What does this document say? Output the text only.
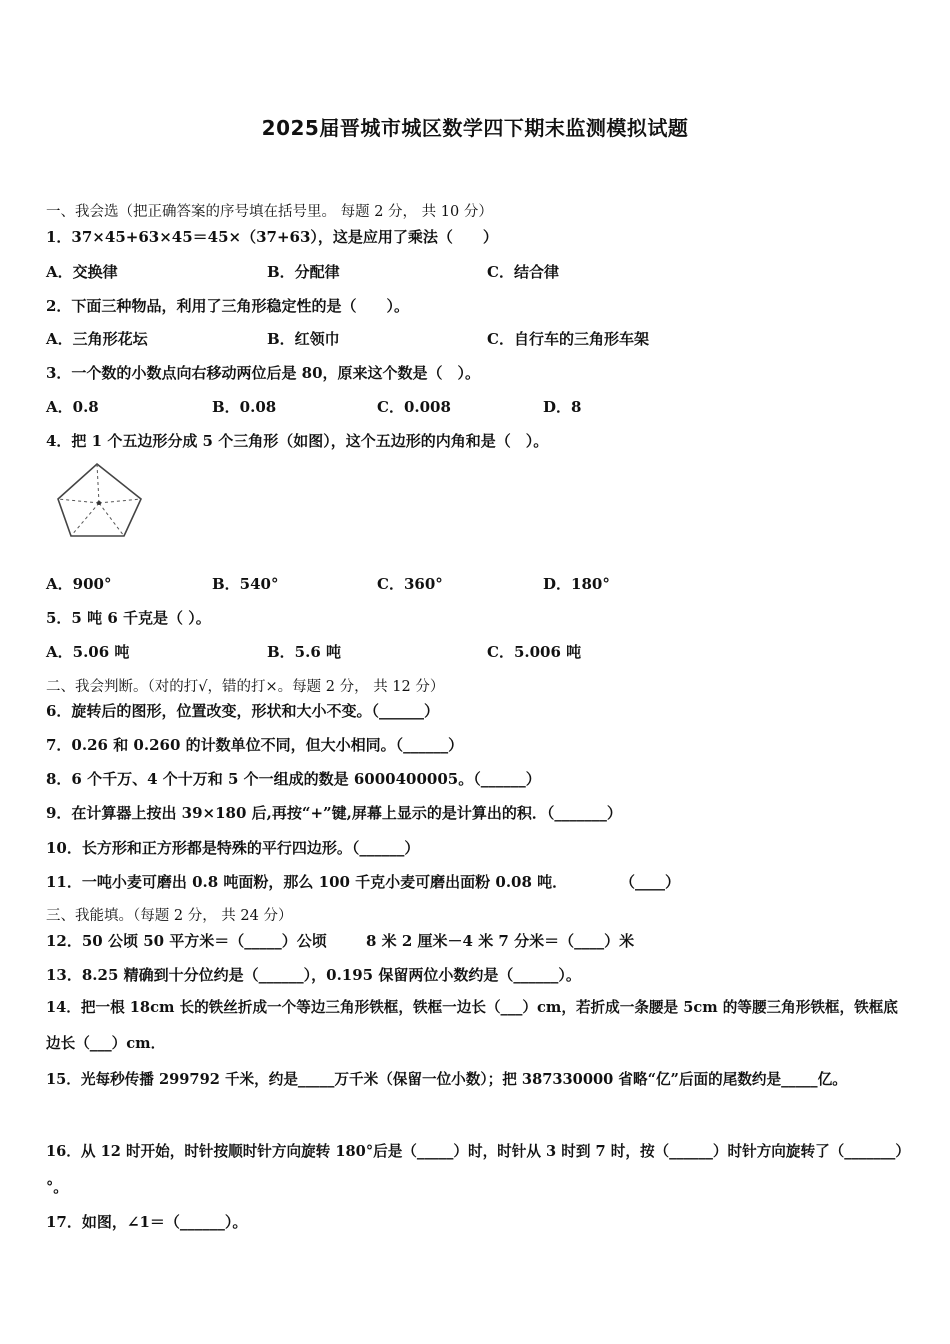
2025届晋城市城区数学四下期末监测模拟试题
一、我会选（把正确答案的序号填在括号里。 每题 2 分， 共 10 分）
1．37×45+63×45＝45×（37+63），这是应用了乘法（　　）
A．交换律	B．分配律	C．结合律
2．下面三种物品，利用了三角形稳定性的是（　　）。
A．三角形花坛	B．红领巾	C．自行车的三角形车架
3．一个数的小数点向右移动两位后是 80，原来这个数是（　）。
A．0.8	B．0.08	C．0.008	D．8
4．把 1 个五边形分成 5 个三角形（如图），这个五边形的内角和是（　）。
A．900°	B．540°	C．360°	D．180°
5．5 吨 6 千克是（ ）。
A．5.06 吨	B．5.6 吨	C．5.006 吨
二、我会判断。（对的打√，错的打×。每题 2 分， 共 12 分）
6．旋转后的图形，位置改变，形状和大小不变。（______）
7．0.26 和 0.260 的计数单位不同，但大小相同。（______）
8．6 个千万、4 个十万和 5 个一组成的数是 6000400005。（______）
9．在计算器上按出 39×180 后,再按“+”键,屏幕上显示的是计算出的积．（_______）
10．长方形和正方形都是特殊的平行四边形。（______）
11．一吨小麦可磨出 0.8 吨面粉，那么 100 千克小麦可磨出面粉 0.08 吨．	（____）
三、我能填。（每题 2 分， 共 24 分）
12．50 公顷 50 平方米＝（_____）公顷	8 米 2 厘米－4 米 7 分米＝（____）米
13．8.25 精确到十分位约是（______），0.195 保留两位小数约是（______）。
14．把一根 18cm 长的铁丝折成一个等边三角形铁框，铁框一边长（___）cm，若折成一条腰是 5cm 的等腰三角形铁框，铁框底边长（___）cm．
15．光每秒传播 299792 千米，约是_____万千米（保留一位小数）；把 387330000 省略“亿”后面的尾数约是_____亿。
16．从 12 时开始，时针按顺时针方向旋转 180°后是（_____）时，时针从 3 时到 7 时，按（______）时针方向旋转了（_______）°。
17．如图，∠1＝（______）。
